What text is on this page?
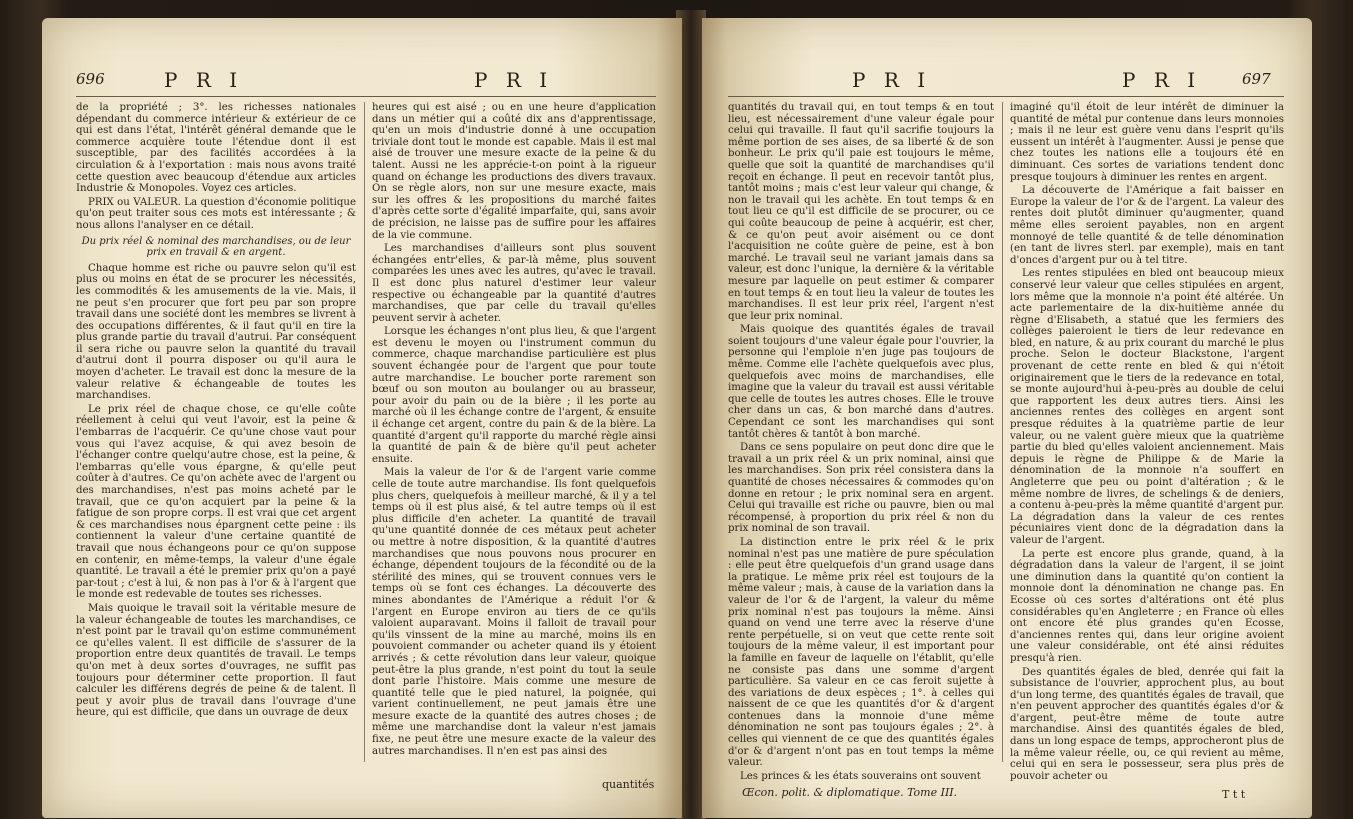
696	P R I	P R I

de la propriété ; 3°. les richesses nationales dépendant du commerce intérieur & extérieur de ce qui est dans l'état, l'intérêt général demande que le commerce acquière toute l'étendue dont il est susceptible, par des facilités accordées à la circulation & à l'exportation : mais nous avons traité cette question avec beaucoup d'étendue aux articles Industrie & Monopoles. Voyez ces articles.

PRIX ou VALEUR. La question d'économie politique qu'on peut traiter sous ces mots est intéressante ; & nous allons l'analyser en ce détail.

Du prix réel & nominal des marchandises, ou de leur prix en travail & en argent.

Chaque homme est riche ou pauvre selon qu'il est plus ou moins en état de se procurer les nécessités, les commodités & les amusements de la vie. Mais, il ne peut s'en procurer que fort peu par son propre travail dans une société dont les membres se livrent à des occupations différentes, & il faut qu'il en tire la plus grande partie du travail d'autrui. Par conséquent il sera riche ou pauvre selon la quantité du travail d'autrui dont il pourra disposer ou qu'il aura le moyen d'acheter. Le travail est donc la mesure de la valeur relative & échangeable de toutes les marchandises.

Le prix réel de chaque chose, ce qu'elle coûte réellement à celui qui veut l'avoir, est la peine & l'embarras de l'acquérir. Ce qu'une chose vaut pour vous qui l'avez acquise, & qui avez besoin de l'échanger contre quelqu'autre chose, est la peine, & l'embarras qu'elle vous épargne, & qu'elle peut coûter à d'autres. Ce qu'on achète avec de l'argent ou des marchandises, n'est pas moins acheté par le travail, que ce qu'on acquiert par la peine & la fatigue de son propre corps. Il est vrai que cet argent & ces marchandises nous épargnent cette peine : ils contiennent la valeur d'une certaine quantité de travail que nous échangeons pour ce qu'on suppose en contenir, en même-temps, la valeur d'une égale quantité. Le travail a été le premier prix qu'on a payé par-tout ; c'est à lui, & non pas à l'or & à l'argent que le monde est redevable de toutes ses richesses.

Mais quoique le travail soit la véritable mesure de la valeur échangeable de toutes les marchandises, ce n'est point par le travail qu'on estime communément ce qu'elles valent. Il est difficile de s'assurer de la proportion entre deux quantités de travail. Le temps qu'on met à deux sortes d'ouvrages, ne suffit pas toujours pour déterminer cette proportion. Il faut calculer les différens degrés de peine & de talent. Il peut y avoir plus de travail dans l'ouvrage d'une heure, qui est difficile, que dans un ouvrage de deux

heures qui est aisé ; ou en une heure d'application dans un métier qui a coûté dix ans d'apprentissage, qu'en un mois d'industrie donné à une occupation triviale dont tout le monde est capable. Mais il est mal aisé de trouver une mesure exacte de la peine & du talent. Aussi ne les apprécie-t-on point à la rigueur quand on échange les productions des divers travaux. On se règle alors, non sur une mesure exacte, mais sur les offres & les propositions du marché faites d'après cette sorte d'égalité imparfaite, qui, sans avoir de précision, ne laisse pas de suffire pour les affaires de la vie commune.

Les marchandises d'ailleurs sont plus souvent échangées entr'elles, & par-là même, plus souvent comparées les unes avec les autres, qu'avec le travail. Il est donc plus naturel d'estimer leur valeur respective ou échangeable par la quantité d'autres marchandises, que par celle du travail qu'elles peuvent servir à acheter.

Lorsque les échanges n'ont plus lieu, & que l'argent est devenu le moyen ou l'instrument commun du commerce, chaque marchandise particulière est plus souvent échangée pour de l'argent que pour toute autre marchandise. Le boucher porte rarement son bœuf ou son mouton au boulanger ou au brasseur, pour avoir du pain ou de la bière ; il les porte au marché où il les échange contre de l'argent, & ensuite il échange cet argent, contre du pain & de la bière. La quantité d'argent qu'il rapporte du marché règle ainsi la quantité de pain & de bière qu'il peut acheter ensuite.

Mais la valeur de l'or & de l'argent varie comme celle de toute autre marchandise. Ils font quelquefois plus chers, quelquefois à meilleur marché, & il y a tel temps où il est plus aisé, & tel autre temps où il est plus difficile d'en acheter. La quantité de travail qu'une quantité donnée de ces métaux peut acheter ou mettre à notre disposition, & la quantité d'autres marchandises que nous pouvons nous procurer en échange, dépendent toujours de la fécondité ou de la stérilité des mines, qui se trouvent connues vers le temps où se font ces échanges. La découverte des mines abondantes de l'Amérique a réduit l'or & l'argent en Europe environ au tiers de ce qu'ils valoient auparavant. Moins il falloit de travail pour qu'ils vinssent de la mine au marché, moins ils en pouvoient commander ou acheter quand ils y étoient arrivés ; & cette révolution dans leur valeur, quoique peut-être la plus grande, n'est point du tout la seule dont parle l'histoire. Mais comme une mesure de quantité telle que le pied naturel, la poignée, qui varient continuellement, ne peut jamais être une mesure exacte de la quantité des autres choses ; de même une marchandise dont la valeur n'est jamais fixe, ne peut être une mesure exacte de la valeur des autres marchandises. Il n'en est pas ainsi des

quantités
P R I	P R I	697

quantités du travail qui, en tout temps & en tout lieu, est nécessairement d'une valeur égale pour celui qui travaille. Il faut qu'il sacrifie toujours la même portion de ses aises, de sa liberté & de son bonheur. Le prix qu'il paie est toujours le même, quelle que soit la quantité de marchandises qu'il reçoit en échange. Il peut en recevoir tantôt plus, tantôt moins ; mais c'est leur valeur qui change, & non le travail qui les achète. En tout temps & en tout lieu ce qu'il est difficile de se procurer, ou ce qui coûte beaucoup de peine à acquérir, est cher, & ce qu'on peut avoir aisément ou ce dont l'acquisition ne coûte guère de peine, est à bon marché. Le travail seul ne variant jamais dans sa valeur, est donc l'unique, la dernière & la véritable mesure par laquelle on peut estimer & comparer en tout temps & en tout lieu la valeur de toutes les marchandises. Il est leur prix réel, l'argent n'est que leur prix nominal.

Mais quoique des quantités égales de travail soient toujours d'une valeur égale pour l'ouvrier, la personne qui l'emploie n'en juge pas toujours de même. Comme elle l'achète quelquefois avec plus, quelquefois avec moins de marchandises, elle imagine que la valeur du travail est aussi véritable que celle de toutes les autres choses. Elle le trouve cher dans un cas, & bon marché dans d'autres. Cependant ce sont les marchandises qui sont tantôt chères & tantôt à bon marché.

Dans ce sens populaire on peut donc dire que le travail a un prix réel & un prix nominal, ainsi que les marchandises. Son prix réel consistera dans la quantité de choses nécessaires & commodes qu'on donne en retour ; le prix nominal sera en argent. Celui qui travaille est riche ou pauvre, bien ou mal récompensé, à proportion du prix réel & non du prix nominal de son travail.

La distinction entre le prix réel & le prix nominal n'est pas une matière de pure spéculation : elle peut être quelquefois d'un grand usage dans la pratique. Le même prix réel est toujours de la même valeur ; mais, à cause de la variation dans la valeur de l'or & de l'argent, la valeur du même prix nominal n'est pas toujours la même. Ainsi quand on vend une terre avec la réserve d'une rente perpétuelle, si on veut que cette rente soit toujours de la même valeur, il est important pour la famille en faveur de laquelle on l'établit, qu'elle ne consiste pas dans une somme d'argent particulière. Sa valeur en ce cas feroit sujette à des variations de deux espèces ; 1°. à celles qui naissent de ce que les quantités d'or & d'argent contenues dans la monnoie d'une même dénomination ne sont pas toujours égales ; 2°. à celles qui viennent de ce que des quantités égales d'or & d'argent n'ont pas en tout temps la même valeur.

Les princes & les états souverains ont souvent

imaginé qu'il étoit de leur intérêt de diminuer la quantité de métal pur contenue dans leurs monnoies ; mais il ne leur est guère venu dans l'esprit qu'ils eussent un intérêt à l'augmenter. Aussi je pense que chez toutes les nations elle a toujours été en diminuant. Ces sortes de variations tendent donc presque toujours à diminuer les rentes en argent.

La découverte de l'Amérique a fait baisser en Europe la valeur de l'or & de l'argent. La valeur des rentes doit plutôt diminuer qu'augmenter, quand même elles seroient payables, non en argent monnoyé de telle quantité & de telle dénomination (en tant de livres sterl. par exemple), mais en tant d'onces d'argent pur ou à tel titre.

Les rentes stipulées en bled ont beaucoup mieux conservé leur valeur que celles stipulées en argent, lors même que la monnoie n'a point été altérée. Un acte parlementaire de la dix-huitième année du règne d'Elisabeth, a statué que les fermiers des collèges paieroient le tiers de leur redevance en bled, en nature, & au prix courant du marché le plus proche. Selon le docteur Blackstone, l'argent provenant de cette rente en bled & qui n'étoit originairement que le tiers de la redevance en total, se monte aujourd'hui à-peu-près au double de celui que rapportent les deux autres tiers. Ainsi les anciennes rentes des collèges en argent sont presque réduites à la quatrième partie de leur valeur, ou ne valent guère mieux que la quatrième partie du bled qu'elles valoient anciennement. Mais depuis le règne de Philippe & de Marie la dénomination de la monnoie n'a souffert en Angleterre que peu ou point d'altération ; & le même nombre de livres, de schelings & de deniers, a contenu à-peu-près la même quantité d'argent pur. La dégradation dans la valeur de ces rentes pécuniaires vient donc de la dégradation dans la valeur de l'argent.

La perte est encore plus grande, quand, à la dégradation dans la valeur de l'argent, il se joint une diminution dans la quantité qu'on contient la monnoie dont la dénomination ne change pas. En Ecosse où ces sortes d'altérations ont été plus considérables qu'en Angleterre ; en France où elles ont encore été plus grandes qu'en Ecosse, d'anciennes rentes qui, dans leur origine avoient une valeur considérable, ont été ainsi réduites presqu'à rien.

Des quantités égales de bled, denrée qui fait la subsistance de l'ouvrier, approchent plus, au bout d'un long terme, des quantités égales de travail, que n'en peuvent approcher des quantités égales d'or & d'argent, peut-être même de toute autre marchandise. Ainsi des quantités égales de bled, dans un long espace de temps, approcheront plus de la même valeur réelle, ou, ce qui revient au même, celui qui en sera le possesseur, sera plus près de pouvoir acheter ou

Œcon. polit. & diplomatique. Tome III.	T t t
